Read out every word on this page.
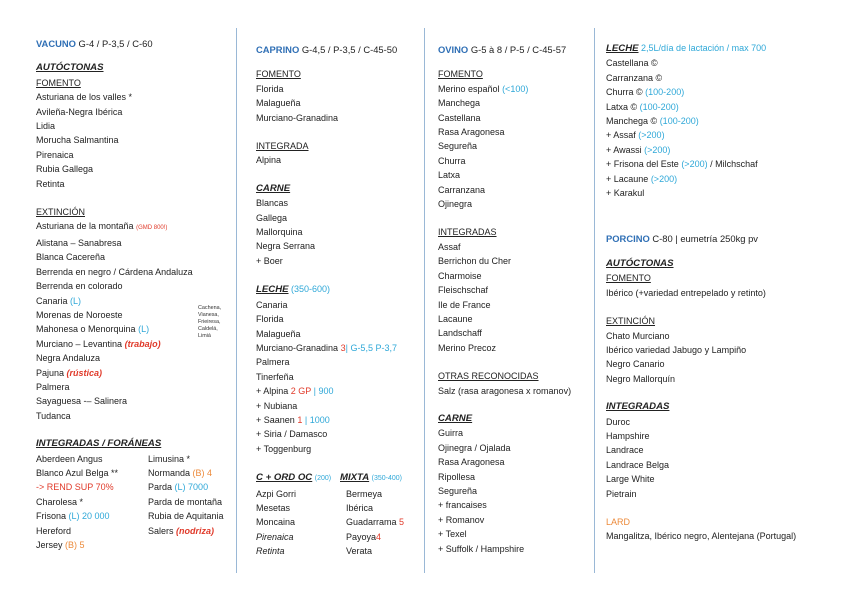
VACUNO G-4 / P-3,5 / C-60
AUTÓCTONAS
FOMENTO
Asturiana de los valles *
Avileña-Negra Ibérica
Lidia
Morucha Salmantina
Pirenaica
Rubia Gallega
Retinta
EXTINCIÓN
Asturiana de la montaña (GMD 800!)
Alistana – Sanabresa
Blanca Cacereña
Berrenda en negro / Cárdena Andaluza
Berrenda en colorado
Canaria (L)
Morenas de Noroeste
Mahonesa o Menorquina (L)
Murciano – Levantina (trabajo)
Negra Andaluza
Pajuna (rústica)
Palmera
Sayaguesa -– Salinera
Tudanca
INTEGRADAS / FORÁNEAS
Aberdeen Angus	Limusina *
Blanco Azul Belga **	Normanda (B) 4
-> REND SUP 70%	Parda (L) 7000
Charolesa *	Parda de montaña
Frisona (L) 20 000	Rubia de Aquitania
Hereford	Salers (nodriza)
Jersey (B) 5
Cachena,
Vianesa,
Frieiresa,
Caldelá,
Limiá
CAPRINO G-4,5 / P-3,5 / C-45-50
FOMENTO
Florida
Malagueña
Murciano-Granadina
INTEGRADA
Alpina
CARNE
Blancas
Gallega
Mallorquina
Negra Serrana
+ Boer
LECHE (350-600)
Canaria
Florida
Malagueña
Murciano-Granadina 3| G-5,5 P-3,7
Palmera
Tinerfeña
+ Alpina 2 GP | 900
+ Nubiana
+ Saanen 1 | 1000
+ Siria / Damasco
+ Toggenburg
C + ORD OC (200) MIXTA (350-400)
Azpi Gorri	Bermeya
Mesetas	Ibérica
Moncaina	Guadarrama 5
Pirenaica	Payoya4
Retinta	Verata
OVINO G-5 à 8 / P-5 / C-45-57
FOMENTO
Merino español (<100)
Manchega
Castellana
Rasa Aragonesa
Segureña
Churra
Latxa
Carranzana
Ojinegra
INTEGRADAS
Assaf
Berrichon du Cher
Charmoise
Fleischschaf
Ile de France
Lacaune
Landschaff
Merino Precoz
OTRAS RECONOCIDAS
Salz (rasa aragonesa x romanov)
CARNE
Guirra
Ojinegra / Ojalada
Rasa Aragonesa
Ripollesa
Segureña
+ francaises
+ Romanov
+ Texel
+ Suffolk / Hampshire
LECHE 2,5L/día de lactación / max 700
Castellana ©
Carranzana ©
Churra © (100-200)
Latxa © (100-200)
Manchega © (100-200)
+ Assaf (>200)
+ Awassi (>200)
+ Frisona del Este (>200) / Milchschaf
+ Lacaune (>200)
+ Karakul
PORCINO C-80 | eumetría 250kg pv
AUTÓCTONAS
FOMENTO
Ibérico (+variedad entrepelado y retinto)
EXTINCIÓN
Chato Murciano
Ibérico variedad Jabugo y Lampiño
Negro Canario
Negro Mallorquín
INTEGRADAS
Duroc
Hampshire
Landrace
Landrace Belga
Large White
Pietrain
LARD
Mangalitza, Ibérico negro, Alentejana (Portugal)
